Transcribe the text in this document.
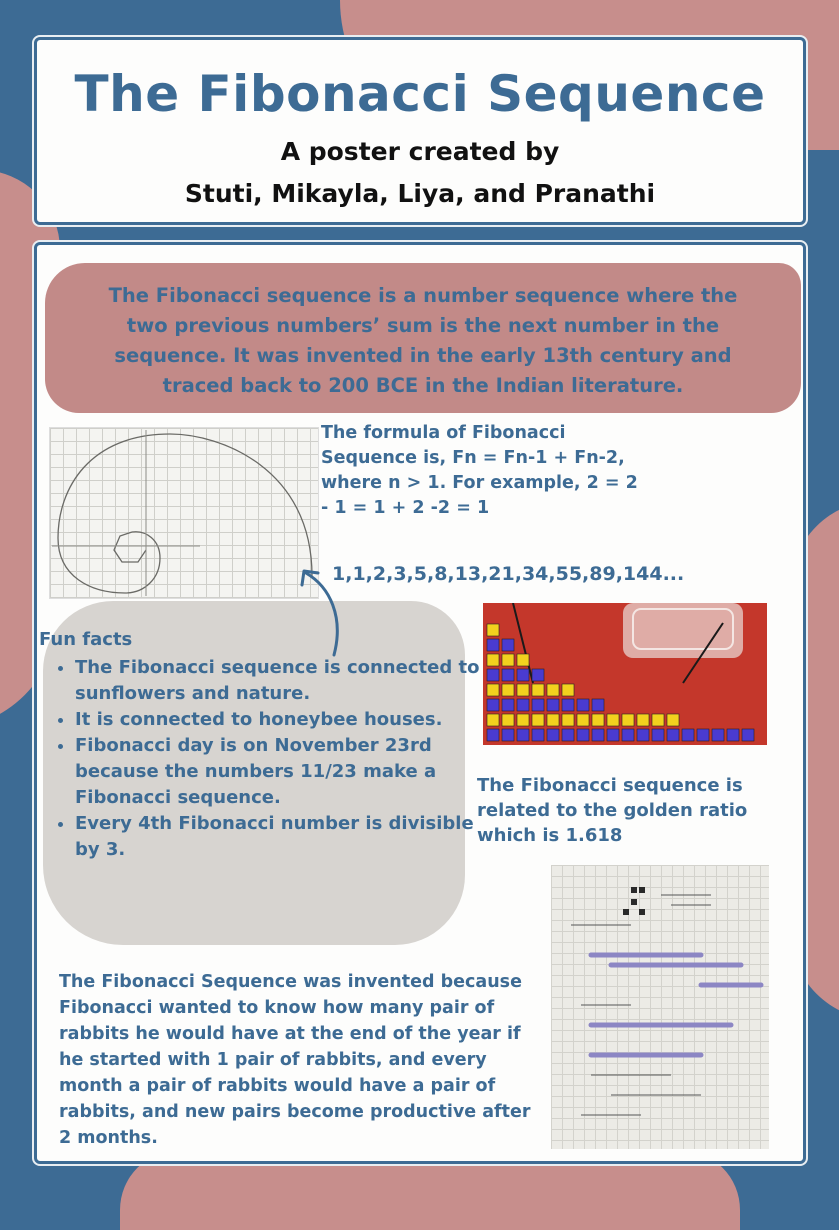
The Fibonacci Sequence
A poster created by
Stuti, Mikayla, Liya, and Pranathi

The Fibonacci sequence is a number sequence where the two previous numbers’ sum is the next number in the sequence. It was invented in the early 13th century and traced back to 200 BCE in the Indian literature.

The formula of Fibonacci Sequence is, Fn = Fn-1 + Fn-2, where n > 1. For example, 2 = 2 - 1 = 1 + 2 -2 = 1
1,1,2,3,5,8,13,21,34,55,89,144...
Fun facts
• The Fibonacci sequence is connected to sunflowers and nature.
• It is connected to honeybee houses.
• Fibonacci day is on November 23rd because the numbers 11/23 make a Fibonacci sequence.
• Every 4th Fibonacci number is divisible by 3.
The Fibonacci sequence is related to the golden ratio which is 1.618
The Fibonacci Sequence was invented because Fibonacci wanted to know how many pair of rabbits he would have at the end of the year if he started with 1 pair of rabbits, and every month a pair of rabbits would have a pair of rabbits, and new pairs become productive after 2 months.
